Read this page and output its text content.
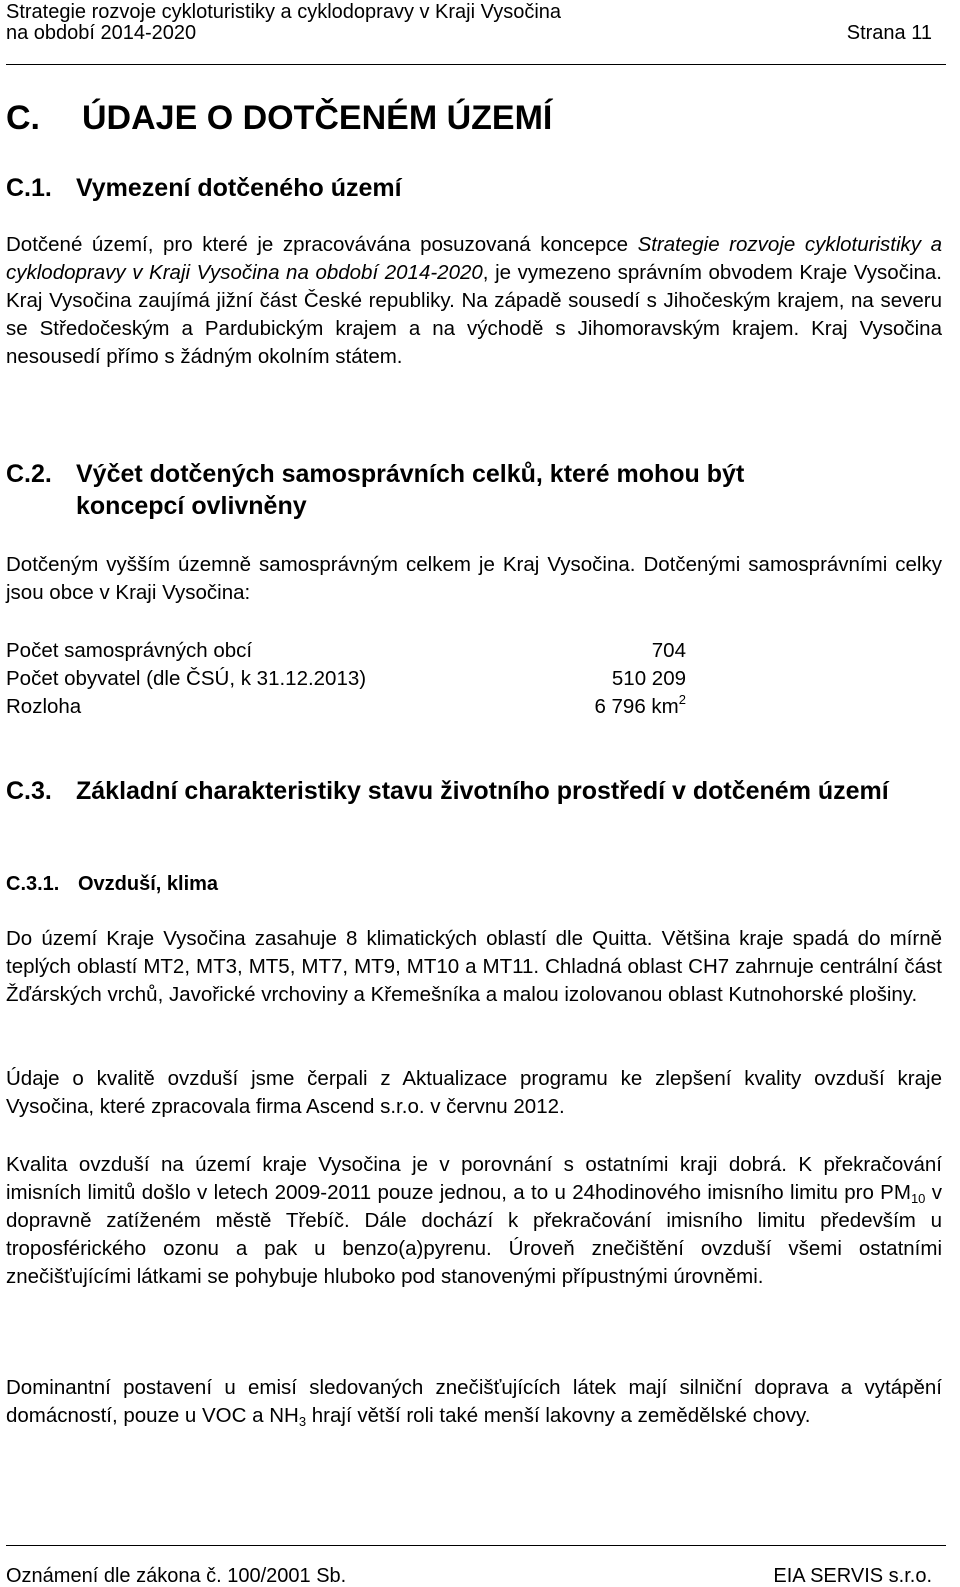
Strategie rozvoje cykloturistiky a cyklodopravy v Kraji Vysočina
na období 2014-2020	Strana 11
C. ÚDAJE O DOTČENÉM ÚZEMÍ
C.1. Vymezení dotčeného území
Dotčené území, pro které je zpracovávána posuzovaná koncepce Strategie rozvoje cykloturistiky a cyklodopravy v Kraji Vysočina na období 2014-2020, je vymezeno správním obvodem Kraje Vysočina. Kraj Vysočina zaujímá jižní část České republiky. Na západě sousedí s Jihočeským krajem, na severu se Středočeským a Pardubickým krajem a na východě s Jihomoravským krajem. Kraj Vysočina nesousedí přímo s žádným okolním státem.
C.2. Výčet dotčených samosprávních celků, které mohou být koncepcí ovlivněny
Dotčeným vyšším územně samosprávným celkem je Kraj Vysočina. Dotčenými samosprávními celky jsou obce v Kraji Vysočina:
Počet samosprávných obcí	704
Počet obyvatel (dle ČSÚ, k 31.12.2013)	510 209
Rozloha	6 796 $km^2$
C.3. Základní charakteristiky stavu životního prostředí v dotčeném území
C.3.1. Ovzduší, klima
Do území Kraje Vysočina zasahuje 8 klimatických oblastí dle Quitta. Většina kraje spadá do mírně teplých oblastí MT2, MT3, MT5, MT7, MT9, MT10 a MT11. Chladná oblast CH7 zahrnuje centrální část Žďárských vrchů, Javořické vrchoviny a Křemešníka a malou izolovanou oblast Kutnohorské plošiny.
Údaje o kvalitě ovzduší jsme čerpali z Aktualizace programu ke zlepšení kvality ovzduší kraje Vysočina, které zpracovala firma Ascend s.r.o. v červnu 2012.
Kvalita ovzduší na území kraje Vysočina je v porovnání s ostatními kraji dobrá. K překračování imisních limitů došlo v letech 2009-2011 pouze jednou, a to u 24hodinového imisního limitu pro $PM_{10}$ v dopravně zatíženém městě Třebíč. Dále dochází k překračování imisního limitu především u troposférického ozonu a pak u benzo(a)pyrenu. Úroveň znečištění ovzduší všemi ostatními znečišťujícími látkami se pohybuje hluboko pod stanovenými přípustnými úrovněmi.
Dominantní postavení u emisí sledovaných znečišťujících látek mají silniční doprava a vytápění domácností, pouze u VOC a $NH_3$ hrají větší roli také menší lakovny a zemědělské chovy.
Oznámení dle zákona č. 100/2001 Sb.	EIA SERVIS s.r.o.
